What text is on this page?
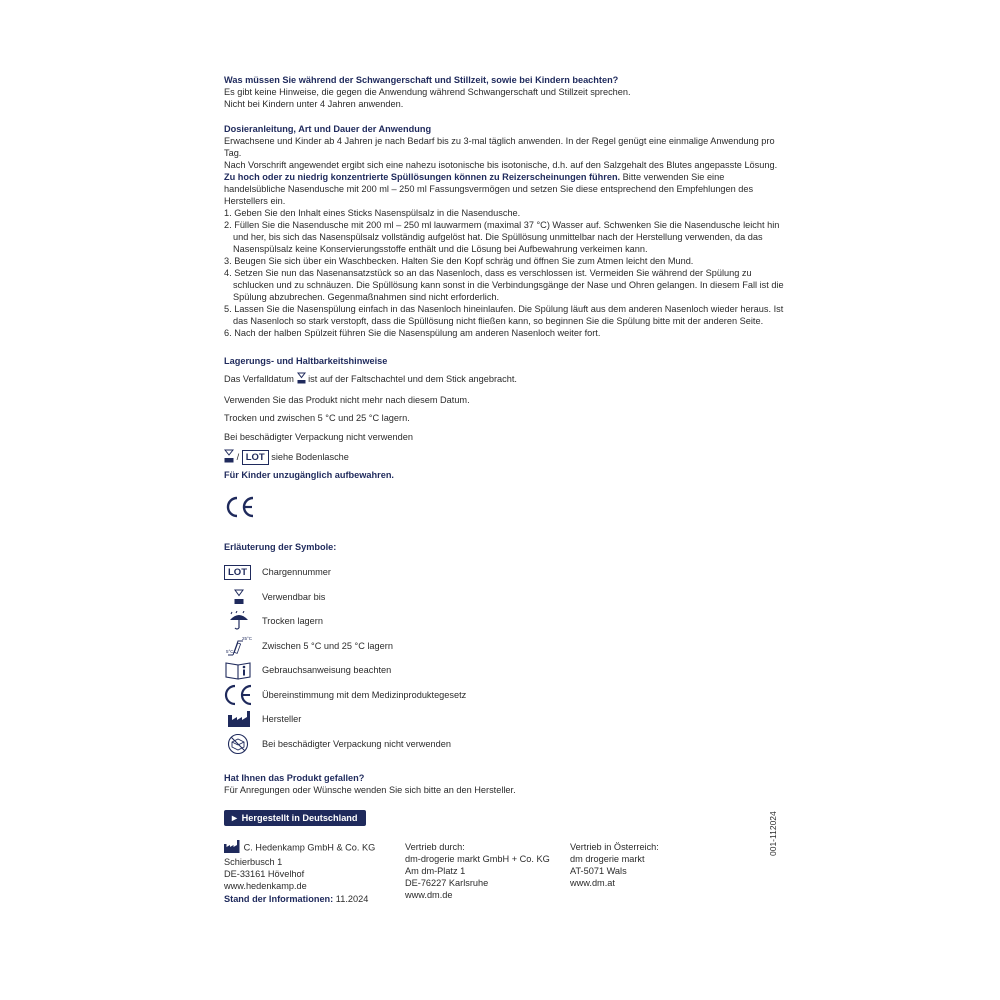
Was müssen Sie während der Schwangerschaft und Stillzeit, sowie bei Kindern beachten?

Es gibt keine Hinweise, die gegen die Anwendung während Schwangerschaft und Stillzeit sprechen.

Nicht bei Kindern unter 4 Jahren anwenden.

Dosieranleitung, Art und Dauer der Anwendung

Erwachsene und Kinder ab 4 Jahren je nach Bedarf bis zu 3-mal täglich anwenden. In der Regel genügt eine einmalige Anwendung pro Tag.

Nach Vorschrift angewendet ergibt sich eine nahezu isotonische bis isotonische, d.h. auf den Salzgehalt des Blutes angepasste Lösung.

Zu hoch oder zu niedrig konzentrierte Spüllösungen können zu Reizerscheinungen führen. Bitte verwenden Sie eine handelsübliche Nasendusche mit 200 ml – 250 ml Fassungsvermögen und setzen Sie diese entsprechend den Empfehlungen des Herstellers ein.

1. Geben Sie den Inhalt eines Sticks Nasenspülsalz in die Nasendusche.
2. Füllen Sie die Nasendusche mit 200 ml – 250 ml lauwarmem (maximal 37 °C) Wasser auf. Schwenken Sie die Nasendusche leicht hin und her, bis sich das Nasenspülsalz vollständig aufgelöst hat. Die Spüllösung unmittelbar nach der Herstellung verwenden, da das Nasenspülsalz keine Konservierungsstoffe enthält und die Lösung bei Aufbewahrung verkeimen kann.
3. Beugen Sie sich über ein Waschbecken. Halten Sie den Kopf schräg und öffnen Sie zum Atmen leicht den Mund.
4. Setzen Sie nun das Nasenansatzstück so an das Nasenloch, dass es verschlossen ist. Vermeiden Sie während der Spülung zu schlucken und zu schnäuzen. Die Spüllösung kann sonst in die Verbindungsgänge der Nase und Ohren gelangen. In diesem Fall ist die Spülung abzubrechen. Gegenmaßnahmen sind nicht erforderlich.
5. Lassen Sie die Nasenspülung einfach in das Nasenloch hineinlaufen. Die Spülung läuft aus dem anderen Nasenloch wieder heraus. Ist das Nasenloch so stark verstopft, dass die Spüllösung nicht fließen kann, so beginnen Sie die Spülung bitte mit der anderen Seite.
6. Nach der halben Spülzeit führen Sie die Nasenspülung am anderen Nasenloch weiter fort.

Lagerungs- und Haltbarkeitshinweise

Das Verfalldatum ist auf der Faltschachtel und dem Stick angebracht.

Verwenden Sie das Produkt nicht mehr nach diesem Datum.

Trocken und zwischen 5 °C und 25 °C lagern.

Bei beschädigter Verpackung nicht verwenden

/ LOT siehe Bodenlasche

Für Kinder unzugänglich aufbewahren.

Erläuterung der Symbole:

LOT	Chargennummer
Verwendbar bis
Trocken lagern
25°C
5°C
Zwischen 5 °C und 25 °C lagern
Gebrauchsanweisung beachten
Übereinstimmung mit dem Medizinproduktegesetz
Hersteller
Bei beschädigter Verpackung nicht verwenden

Hat Ihnen das Produkt gefallen?

Für Anregungen oder Wünsche wenden Sie sich bitte an den Hersteller.

► Hergestellt in Deutschland

C. Hedenkamp GmbH & Co. KG

Schierbusch 1

DE-33161 Hövelhof

www.hedenkamp.de

Vertrieb durch:

dm-drogerie markt GmbH + Co. KG

Am dm-Platz 1

DE-76227 Karlsruhe

www.dm.de

Vertrieb in Österreich:

dm drogerie markt

AT-5071 Wals

www.dm.at

Stand der Informationen: 11.2024

001-112024
